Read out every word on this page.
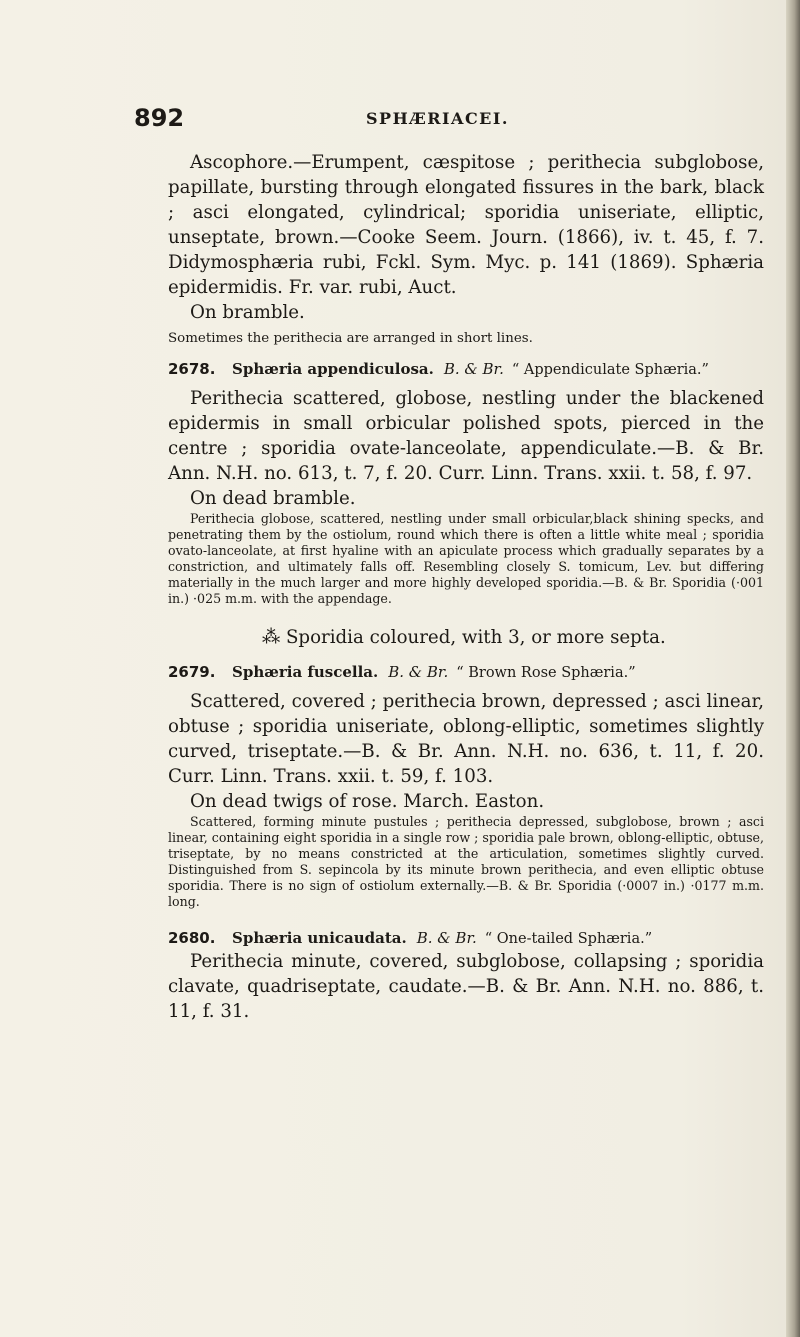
892	SPHÆRIACEI.

Ascophore.—Erumpent, cæspitose ; perithecia subglobose, papillate, bursting through elongated fissures in the bark, black ; asci elongated, cylindrical; sporidia uniseriate, elliptic, unseptate, brown.—Cooke Seem. Journ. (1866), iv. t. 45, f. 7. Didymosphæria rubi, Fckl. Sym. Myc. p. 141 (1869). Sphæria epidermidis. Fr. var. rubi, Auct.

On bramble.

Sometimes the perithecia are arranged in short lines.

2678.	Sphæria appendiculosa. B. & Br. “ Appendiculate Sphæria.”

Perithecia scattered, globose, nestling under the blackened epidermis in small orbicular polished spots, pierced in the centre ; sporidia ovate-lanceolate, appendiculate.—B. & Br. Ann. N.H. no. 613, t. 7, f. 20. Curr. Linn. Trans. xxii. t. 58, f. 97.

On dead bramble.

Perithecia globose, scattered, nestling under small orbicular,black shining specks, and penetrating them by the ostiolum, round which there is often a little white meal ; sporidia ovato-lanceolate, at first hyaline with an apiculate process which gradually separates by a constriction, and ultimately falls off. Resembling closely S. tomicum, Lev. but differing materially in the much larger and more highly developed sporidia.—B. & Br. Sporidia (·001 in.) ·025 m.m. with the appendage.

⁂ Sporidia coloured, with 3, or more septa.

2679.	Sphæria fuscella. B. & Br. “ Brown Rose Sphæria.”

Scattered, covered ; perithecia brown, depressed ; asci linear, obtuse ; sporidia uniseriate, oblong-elliptic, sometimes slightly curved, triseptate.—B. & Br. Ann. N.H. no. 636, t. 11, f. 20. Curr. Linn. Trans. xxii. t. 59, f. 103.

On dead twigs of rose. March. Easton.

Scattered, forming minute pustules ; perithecia depressed, subglobose, brown ; asci linear, containing eight sporidia in a single row ; sporidia pale brown, oblong-elliptic, obtuse, triseptate, by no means constricted at the articulation, sometimes slightly curved. Distinguished from S. sepincola by its minute brown perithecia, and even elliptic obtuse sporidia. There is no sign of ostiolum externally.—B. & Br. Sporidia (·0007 in.) ·0177 m.m. long.

2680.	Sphæria unicaudata. B. & Br. “ One-tailed Sphæria.”

Perithecia minute, covered, subglobose, collapsing ; sporidia clavate, quadriseptate, caudate.—B. & Br. Ann. N.H. no. 886, t. 11, f. 31.
